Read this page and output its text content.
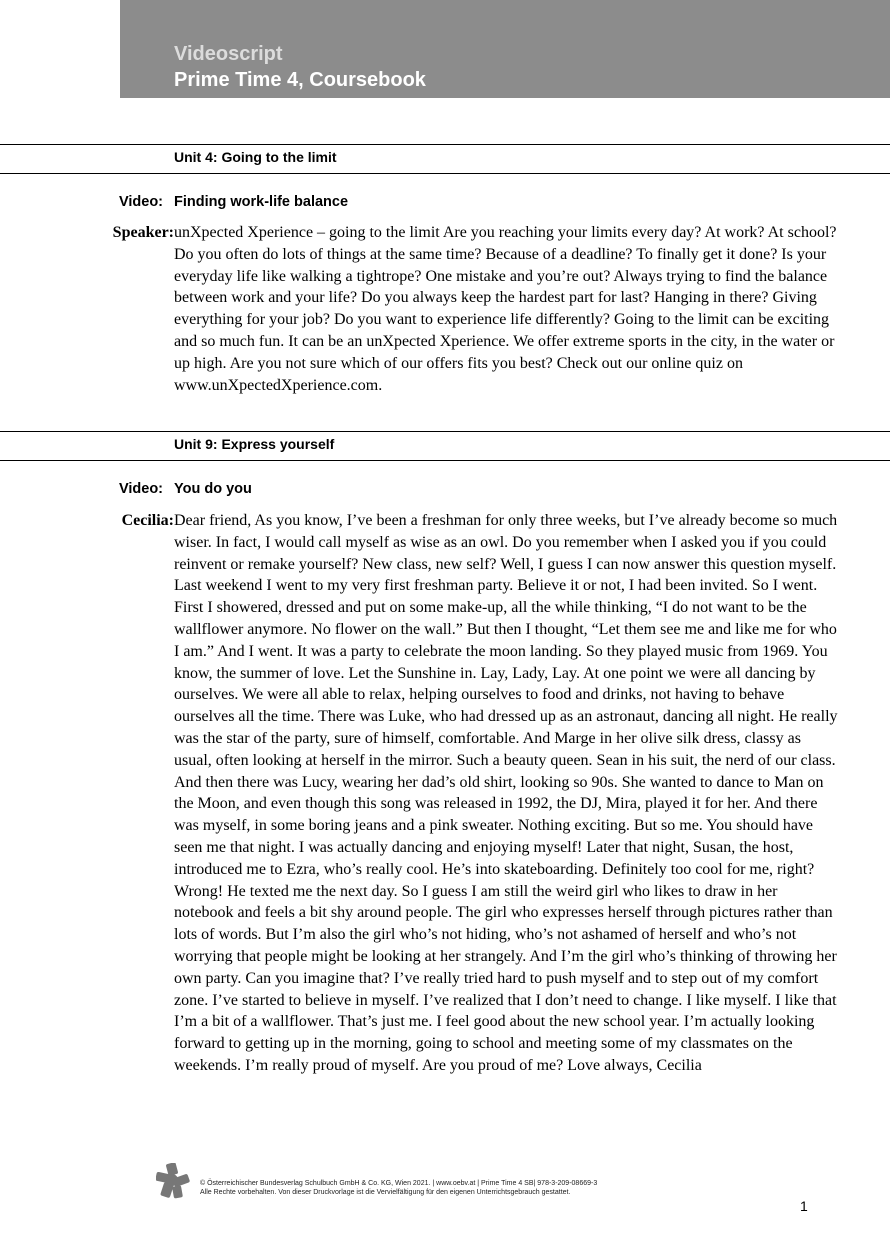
Videoscript
Prime Time 4, Coursebook
Unit 4: Going to the limit
Video: Finding work-life balance
Speaker: unXpected Xperience – going to the limit Are you reaching your limits every day? At work? At school? Do you often do lots of things at the same time? Because of a deadline? To finally get it done? Is your everyday life like walking a tightrope? One mistake and you’re out? Always trying to find the balance between work and your life? Do you always keep the hardest part for last? Hanging in there? Giving everything for your job? Do you want to experience life differently? Going to the limit can be exciting and so much fun. It can be an unXpected Xperience. We offer extreme sports in the city, in the water or up high. Are you not sure which of our offers fits you best? Check out our online quiz on www.unXpectedXperience.com.
Unit 9: Express yourself
Video: You do you
Cecilia: Dear friend, As you know, I’ve been a freshman for only three weeks, but I’ve already become so much wiser. In fact, I would call myself as wise as an owl. Do you remember when I asked you if you could reinvent or remake yourself? New class, new self? Well, I guess I can now answer this question myself. Last weekend I went to my very first freshman party. Believe it or not, I had been invited. So I went. First I showered, dressed and put on some make-up, all the while thinking, “I do not want to be the wallflower anymore. No flower on the wall.” But then I thought, “Let them see me and like me for who I am.” And I went. It was a party to celebrate the moon landing. So they played music from 1969. You know, the summer of love. Let the Sunshine in. Lay, Lady, Lay. At one point we were all dancing by ourselves. We were all able to relax, helping ourselves to food and drinks, not having to behave ourselves all the time. There was Luke, who had dressed up as an astronaut, dancing all night. He really was the star of the party, sure of himself, comfortable. And Marge in her olive silk dress, classy as usual, often looking at herself in the mirror. Such a beauty queen. Sean in his suit, the nerd of our class. And then there was Lucy, wearing her dad’s old shirt, looking so 90s. She wanted to dance to Man on the Moon, and even though this song was released in 1992, the DJ, Mira, played it for her. And there was myself, in some boring jeans and a pink sweater. Nothing exciting. But so me. You should have seen me that night. I was actually dancing and enjoying myself! Later that night, Susan, the host, introduced me to Ezra, who’s really cool. He’s into skateboarding. Definitely too cool for me, right? Wrong! He texted me the next day. So I guess I am still the weird girl who likes to draw in her notebook and feels a bit shy around people. The girl who expresses herself through pictures rather than lots of words. But I’m also the girl who’s not hiding, who’s not ashamed of herself and who’s not worrying that people might be looking at her strangely. And I’m the girl who’s thinking of throwing her own party. Can you imagine that? I’ve really tried hard to push myself and to step out of my comfort zone. I’ve started to believe in myself. I’ve realized that I don’t need to change. I like myself. I like that I’m a bit of a wallflower. That’s just me. I feel good about the new school year. I’m actually looking forward to getting up in the morning, going to school and meeting some of my classmates on the weekends. I’m really proud of myself. Are you proud of me? Love always, Cecilia
© Österreichischer Bundesverlag Schulbuch GmbH & Co. KG, Wien 2021. | www.oebv.at | Prime Time 4 SB| 978-3-209-08669-3
Alle Rechte vorbehalten. Von dieser Druckvorlage ist die Vervielfältigung für den eigenen Unterrichtsgebrauch gestattet.
1
